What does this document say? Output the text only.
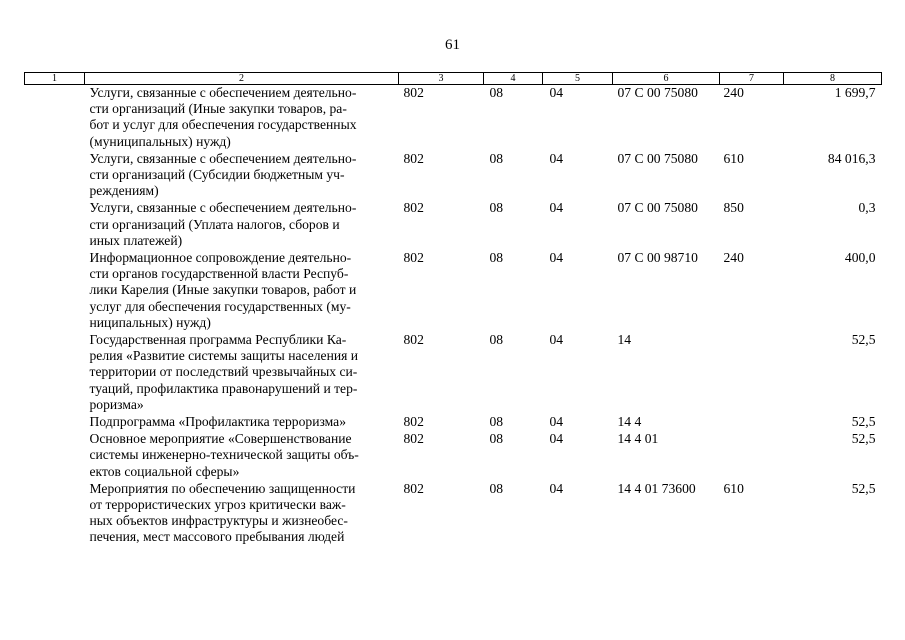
61
1	2	3	4	5	6	7	8

	Услуги, связанные с обеспечением деятельно-
сти организаций (Иные закупки товаров, ра-
бот и услуг для обеспечения государственных
(муниципальных) нужд)	802	08	04	07 С 00 75080	240	1 699,7

	Услуги, связанные с обеспечением деятельно-
сти организаций (Субсидии бюджетным уч-
реждениям)	802	08	04	07 С 00 75080	610	84 016,3

	Услуги, связанные с обеспечением деятельно-
сти организаций (Уплата налогов, сборов и
иных платежей)	802	08	04	07 С 00 75080	850	0,3

	Информационное сопровождение деятельно-
сти органов государственной власти Респуб-
лики Карелия (Иные закупки товаров, работ и
услуг для обеспечения государственных (му-
ниципальных) нужд)	802	08	04	07 С 00 98710	240	400,0

	Государственная программа Республики Ка-
релия «Развитие системы защиты населения и
территории от последствий чрезвычайных си-
туаций, профилактика правонарушений и тер-
роризма»	802	08	04	14		52,5

	Подпрограмма «Профилактика терроризма»	802	08	04	14 4		52,5

	Основное мероприятие «Совершенствование
системы инженерно-технической защиты объ-
ектов социальной сферы»	802	08	04	14 4 01		52,5

	Мероприятия по обеспечению защищенности
от террористических угроз критически важ-
ных объектов инфраструктуры и жизнеобес-
печения, мест массового пребывания людей	802	08	04	14 4 01 73600	610	52,5
